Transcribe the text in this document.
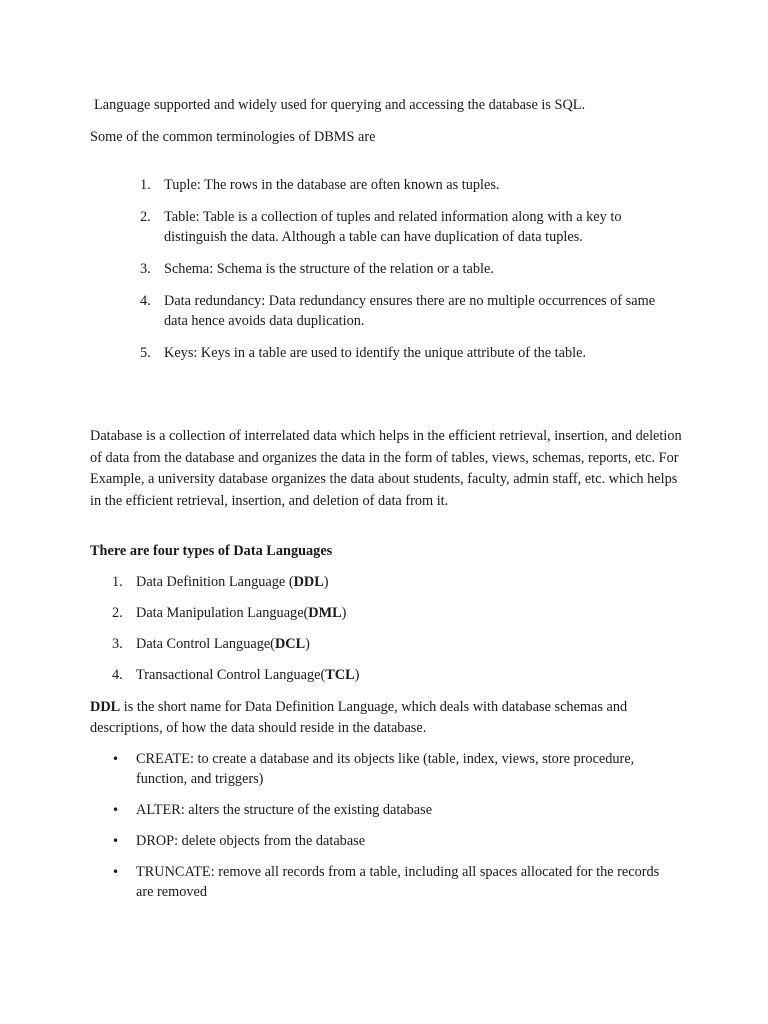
Language supported and widely used for querying and accessing the database is SQL.

Some of the common terminologies of DBMS are

1. Tuple: The rows in the database are often known as tuples.
2. Table: Table is a collection of tuples and related information along with a key to distinguish the data. Although a table can have duplication of data tuples.
3. Schema: Schema is the structure of the relation or a table.
4. Data redundancy: Data redundancy ensures there are no multiple occurrences of same data hence avoids data duplication.
5. Keys: Keys in a table are used to identify the unique attribute of the table.

Database is a collection of interrelated data which helps in the efficient retrieval, insertion, and deletion of data from the database and organizes the data in the form of tables, views, schemas, reports, etc. For Example, a university database organizes the data about students, faculty, admin staff, etc. which helps in the efficient retrieval, insertion, and deletion of data from it.

There are four types of Data Languages

1. Data Definition Language (DDL)
2. Data Manipulation Language(DML)
3. Data Control Language(DCL)
4. Transactional Control Language(TCL)

DDL is the short name for Data Definition Language, which deals with database schemas and descriptions, of how the data should reside in the database.

• CREATE: to create a database and its objects like (table, index, views, store procedure, function, and triggers)
• ALTER: alters the structure of the existing database
• DROP: delete objects from the database
• TRUNCATE: remove all records from a table, including all spaces allocated for the records are removed
